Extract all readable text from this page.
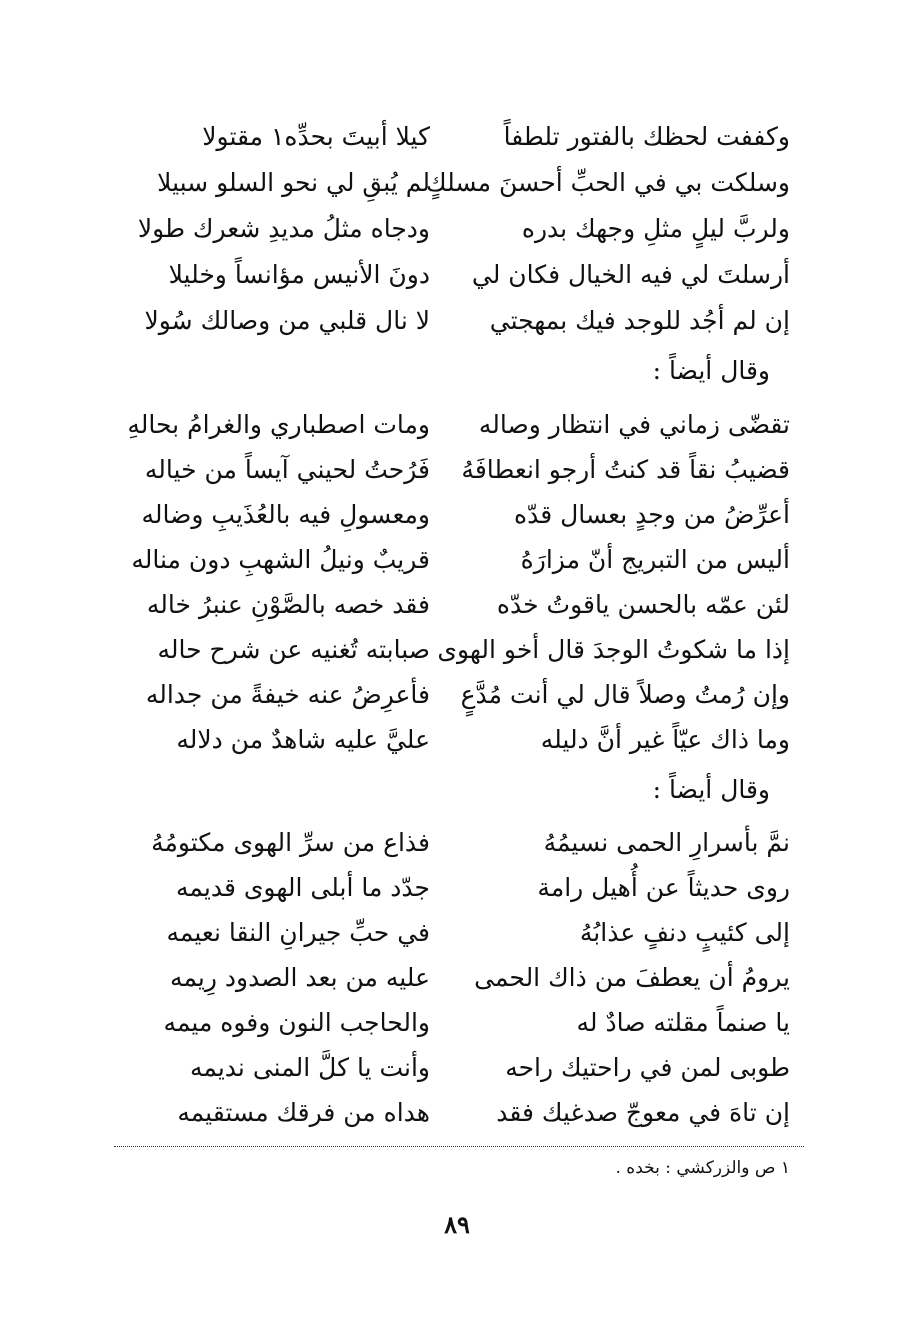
وكففت لحظك بالفتور تلطفاً
كيلا أبيتَ بحدِّه١ مقتولا
وسلكت بي في الحبِّ أحسنَ مسلكٍ
لم يُبقِ لي نحو السلو سبيلا
ولربَّ ليلٍ مثلِ وجهك بدره
ودجاه مثلُ مديدِ شعرك طولا
أرسلتَ لي فيه الخيال فكان لي
دونَ الأنيس مؤانساً وخليلا
إن لم أجُد للوجد فيك بمهجتي
لا نال قلبي من وصالك سُولا
وقال أيضاً :
تقضّى زماني في انتظار وصاله
ومات اصطباري والغرامُ بحالهِ
قضيبُ نقاً قد كنتُ أرجو انعطافَهُ
فَرُحتُ لحيني آيساً من خياله
أعرِّضُ من وجدٍ بعسال قدّه
ومعسولِ فيه بالعُذَيبِ وضاله
أليس من التبريج أنّ مزارَهُ
قريبٌ ونيلُ الشهبِ دون مناله
لئن عمّه بالحسن ياقوتُ خدّه
فقد خصه بالصَّوْنِ عنبرُ خاله
إذا ما شكوتُ الوجدَ قال أخو الهوى
صبابته تُغنيه عن شرح حاله
وإن رُمتُ وصلاً قال لي أنت مُدَّعٍ
فأعرِضُ عنه خيفةً من جداله
وما ذاك عيّاً غير أنَّ دليله
عليَّ عليه شاهدٌ من دلاله
وقال أيضاً :
نمَّ بأسرارِ الحمى نسيمُهُ
فذاع من سرِّ الهوى مكتومُهُ
روى حديثاً عن أُهيل رامة
جدّد ما أبلى الهوى قديمه
إلى كئيبٍ دنفٍ عذابُهُ
في حبِّ جيرانِ النقا نعيمه
يرومُ أن يعطفَ من ذاك الحمى
عليه من بعد الصدود رِيمه
يا صنماً مقلته صادٌ له
والحاجب النون وفوه ميمه
طوبى لمن في راحتيك راحه
وأنت يا كلَّ المنى نديمه
إن تاهَ في معوجّ صدغيك فقد
هداه من فرقك مستقيمه
١ ص والزركشي : بخده .
٨٩
